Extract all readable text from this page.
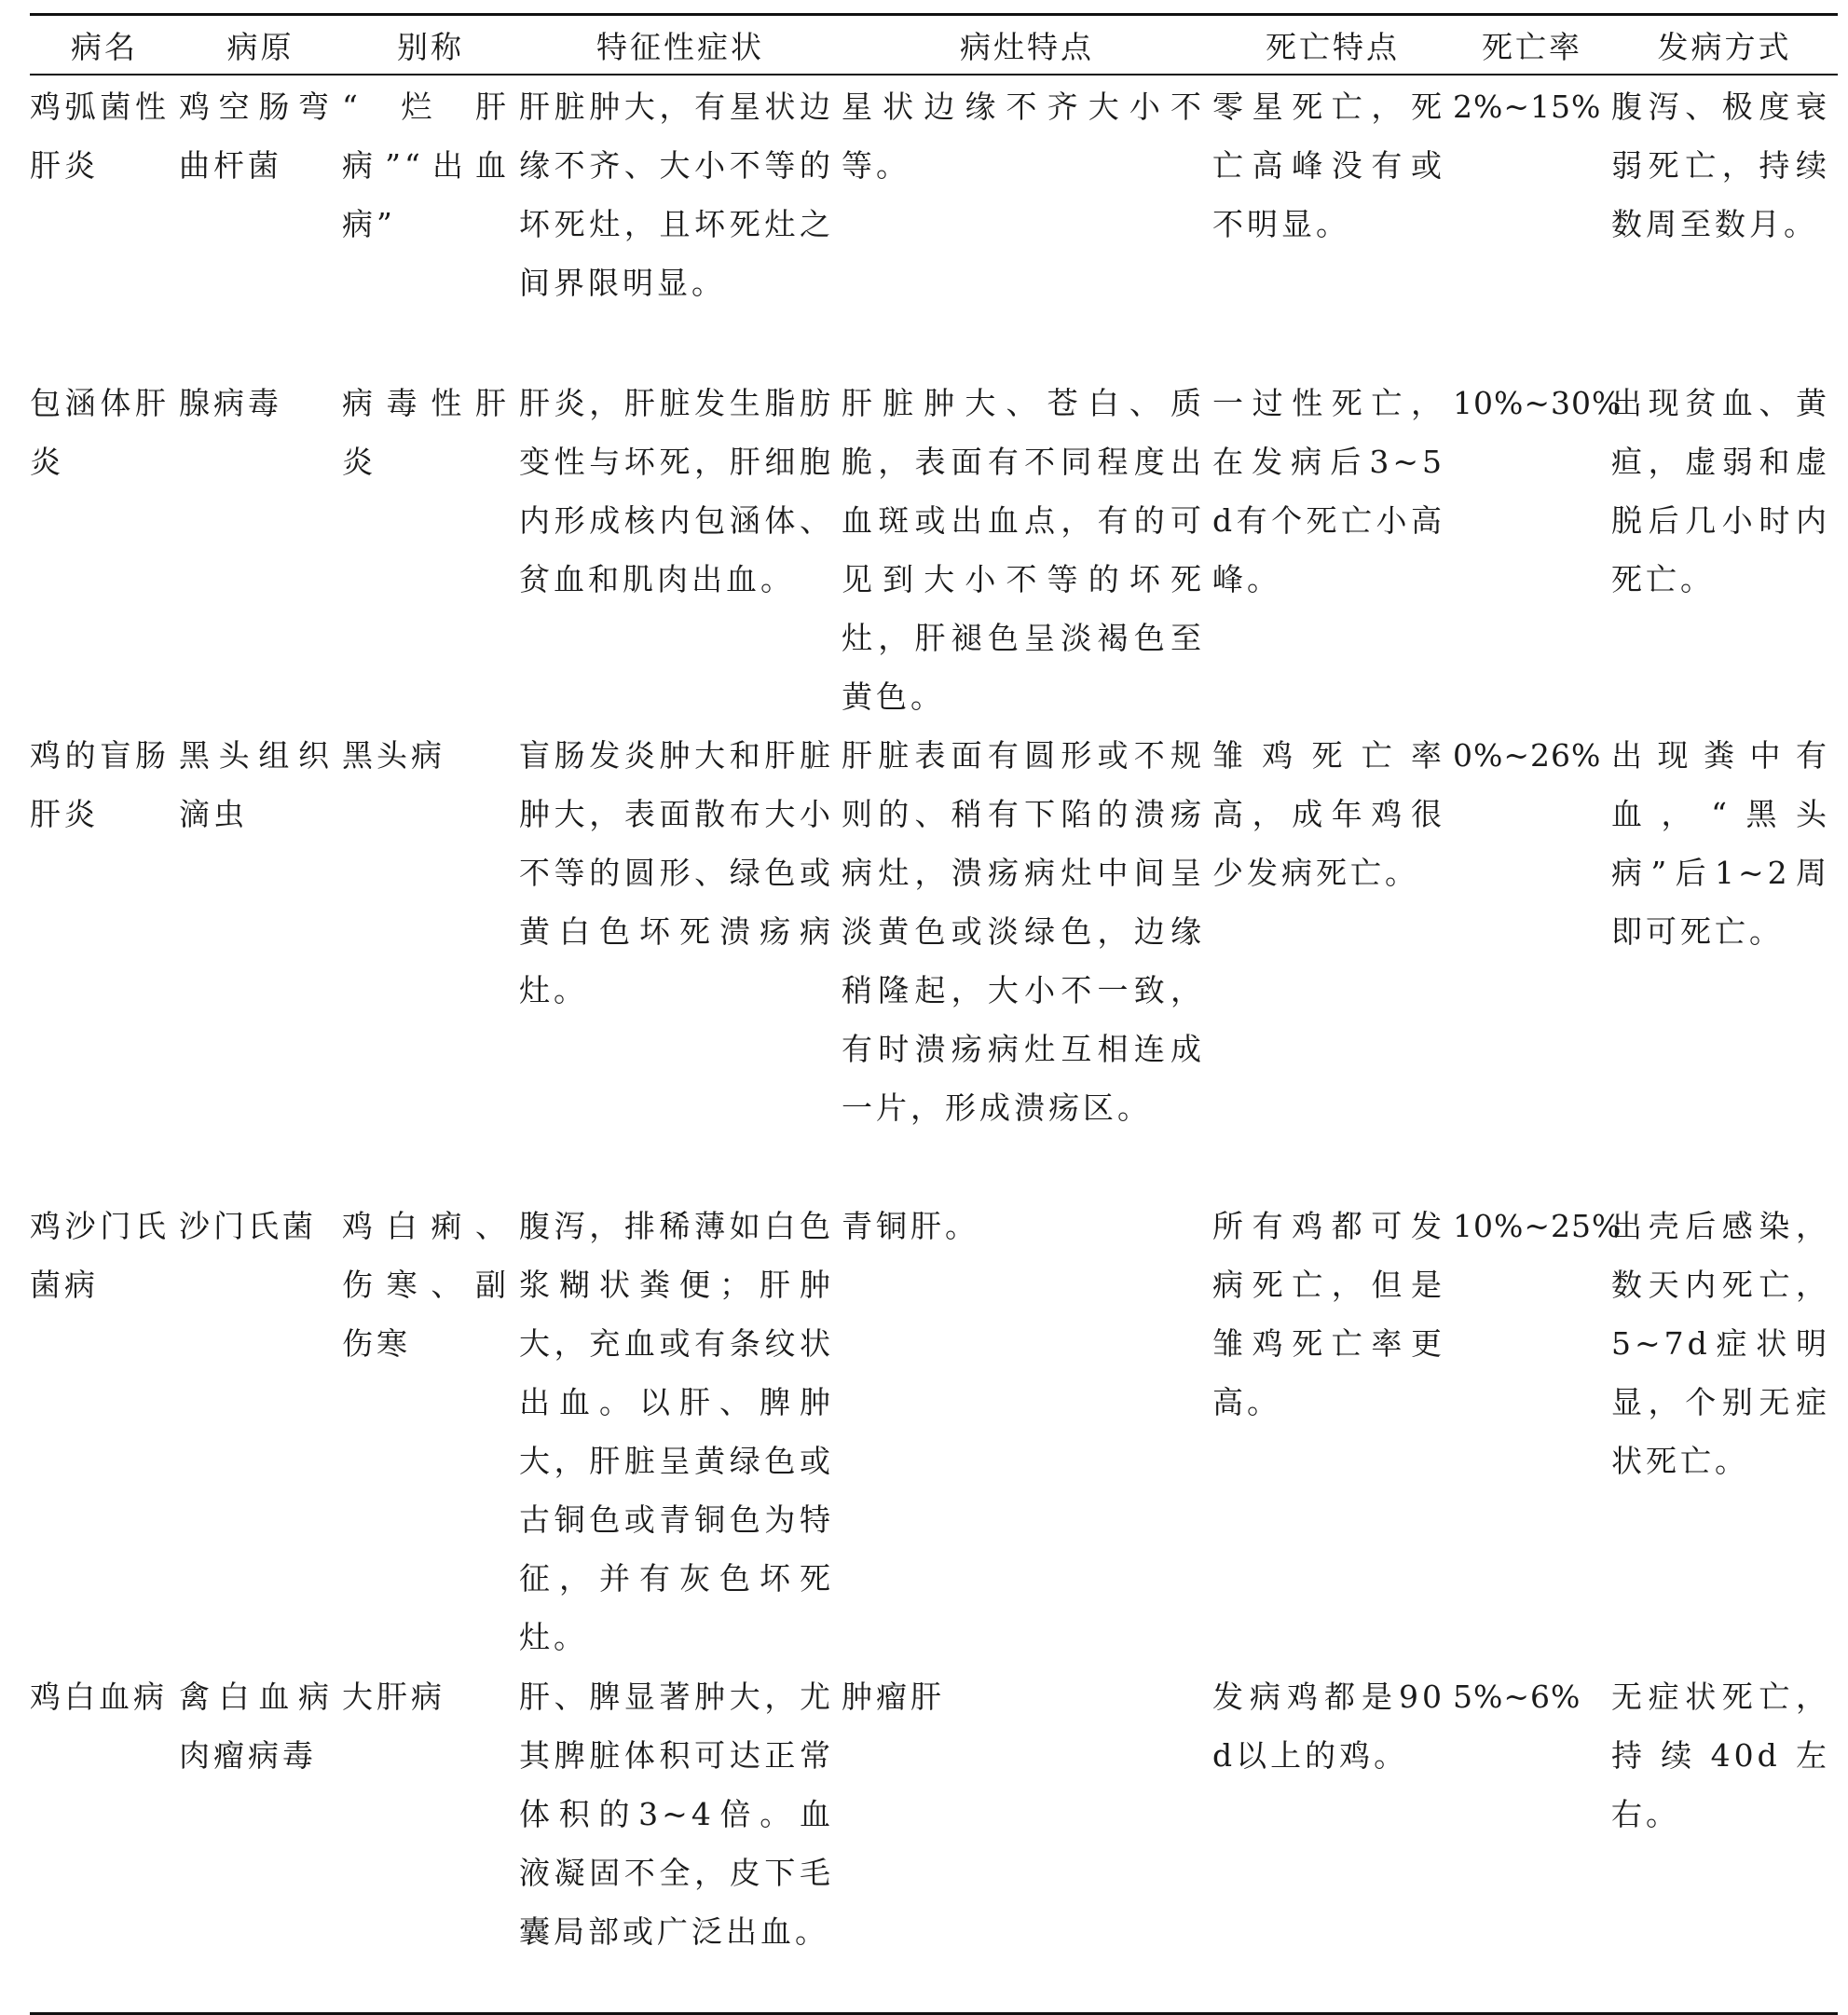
病名	病原	别称	特征性症状	病灶特点	死亡特点	死亡率	发病方式
鸡弧菌性肝炎	鸡空肠弯曲杆菌	“烂肝病”“出血病”	肝脏肿大，有星状边缘不齐、大小不等的坏死灶，且坏死灶之间界限明显。	星状边缘不齐大小不等。	零星死亡，死亡高峰没有或不明显。	2%~15%	腹泻、极度衰弱死亡，持续数周至数月。
包涵体肝炎	腺病毒	病毒性肝炎	肝炎，肝脏发生脂肪变性与坏死，肝细胞内形成核内包涵体、贫血和肌肉出血。	肝脏肿大、苍白、质脆，表面有不同程度出血斑或出血点，有的可见到大小不等的坏死灶，肝褪色呈淡褐色至黄色。	一过性死亡，在发病后3~5d有个死亡小高峰。	10%~30%	出现贫血、黄疸，虚弱和虚脱后几小时内死亡。
鸡的盲肠肝炎	黑头组织滴虫	黑头病	盲肠发炎肿大和肝脏肿大，表面散布大小不等的圆形、绿色或黄白色坏死溃疡病灶。	肝脏表面有圆形或不规则的、稍有下陷的溃疡病灶，溃疡病灶中间呈淡黄色或淡绿色，边缘稍隆起，大小不一致，有时溃疡病灶互相连成一片，形成溃疡区。	雏鸡死亡率高，成年鸡很少发病死亡。	0%~26%	出现粪中有血，“黑头病”后1~2周即可死亡。
鸡沙门氏菌病	沙门氏菌	鸡白痢、伤寒、副伤寒	腹泻，排稀薄如白色浆糊状粪便；肝肿大，充血或有条纹状出血。以肝、脾肿大，肝脏呈黄绿色或古铜色或青铜色为特征，并有灰色坏死灶。	青铜肝。	所有鸡都可发病死亡，但是雏鸡死亡率更高。	10%~25%	出壳后感染，数天内死亡，5~7d症状明显，个别无症状死亡。
鸡白血病	禽白血病肉瘤病毒	大肝病	肝、脾显著肿大，尤其脾脏体积可达正常体积的3~4倍。血液凝固不全，皮下毛囊局部或广泛出血。	肿瘤肝	发病鸡都是90d以上的鸡。	5%~6%	无症状死亡，持续40d左右。
